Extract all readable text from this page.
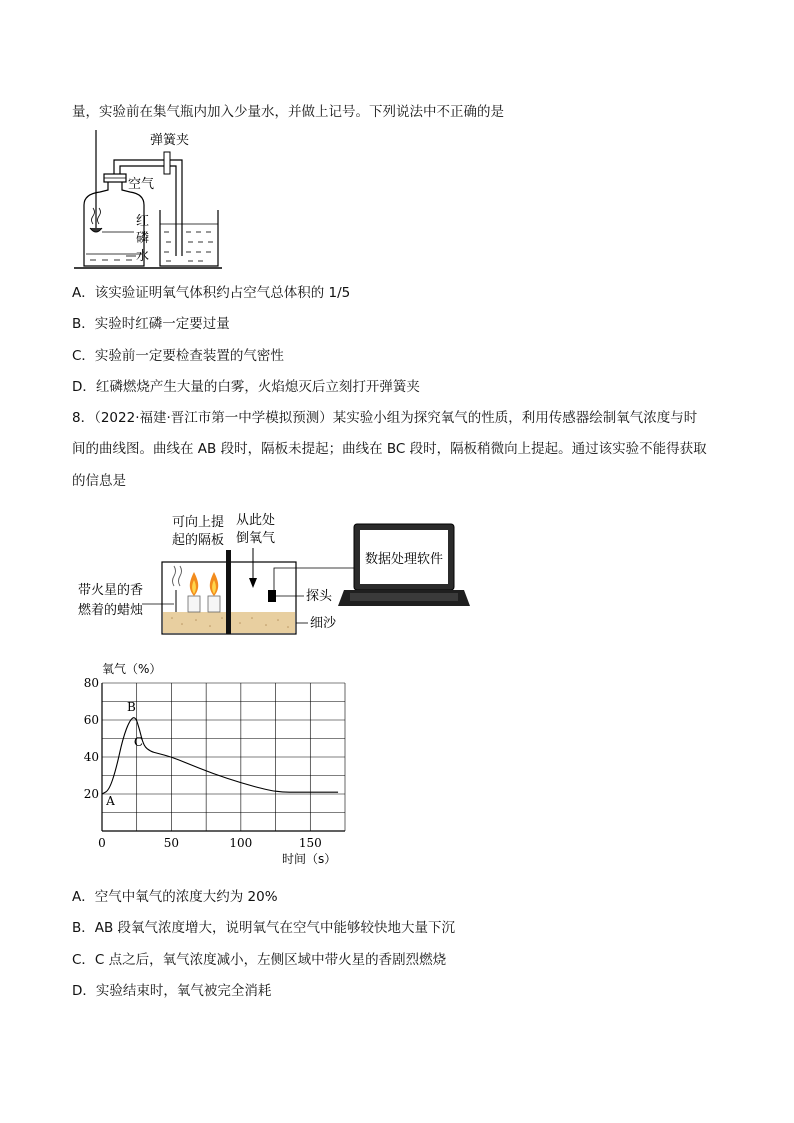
量，实验前在集气瓶内加入少量水，并做上记号。下列说法中不正确的是
弹簧夹
空气
红
磷
水
A．该实验证明氧气体积约占空气总体积的 1/5
B．实验时红磷一定要过量
C．实验前一定要检查装置的气密性
D．红磷燃烧产生大量的白雾，火焰熄灭后立刻打开弹簧夹
8．（2022·福建·晋江市第一中学模拟预测）某实验小组为探究氧气的性质，利用传感器绘制氧气浓度与时
间的曲线图。曲线在 AB 段时，隔板未提起；曲线在 BC 段时，隔板稍微向上提起。通过该实验不能得获取
的信息是
数据处理软件
可向上提
起的隔板
从此处
倒氧气
带火星的香
燃着的蜡烛
探头
细沙
氧气（%）
时间（s）
0	50	100	150
20
40
60
80
A
B
C
A．空气中氧气的浓度大约为 20%
B．AB 段氧气浓度增大，说明氧气在空气中能够较快地大量下沉
C．C 点之后，氧气浓度减小，左侧区域中带火星的香剧烈燃烧
D．实验结束时，氧气被完全消耗
